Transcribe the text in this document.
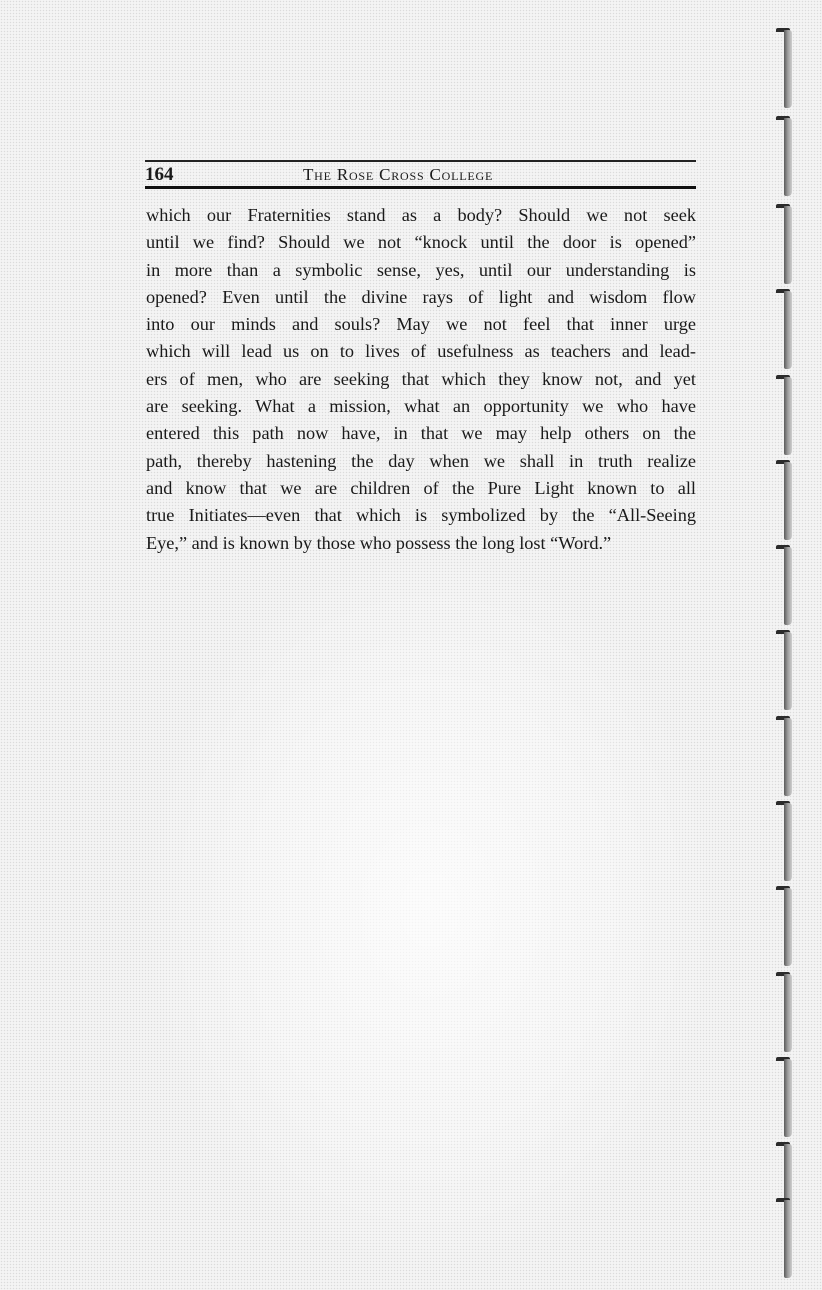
164	The Rose Cross College
which our Fraternities stand as a body? Should we not seek
until we find? Should we not “knock until the door is opened”
in more than a symbolic sense, yes, until our understanding is
opened? Even until the divine rays of light and wisdom flow
into our minds and souls? May we not feel that inner urge
which will lead us on to lives of usefulness as teachers and lead-
ers of men, who are seeking that which they know not, and yet
are seeking. What a mission, what an opportunity we who have
entered this path now have, in that we may help others on the
path, thereby hastening the day when we shall in truth realize
and know that we are children of the Pure Light known to all
true Initiates—even that which is symbolized by the “All-Seeing
Eye,” and is known by those who possess the long lost “Word.”
